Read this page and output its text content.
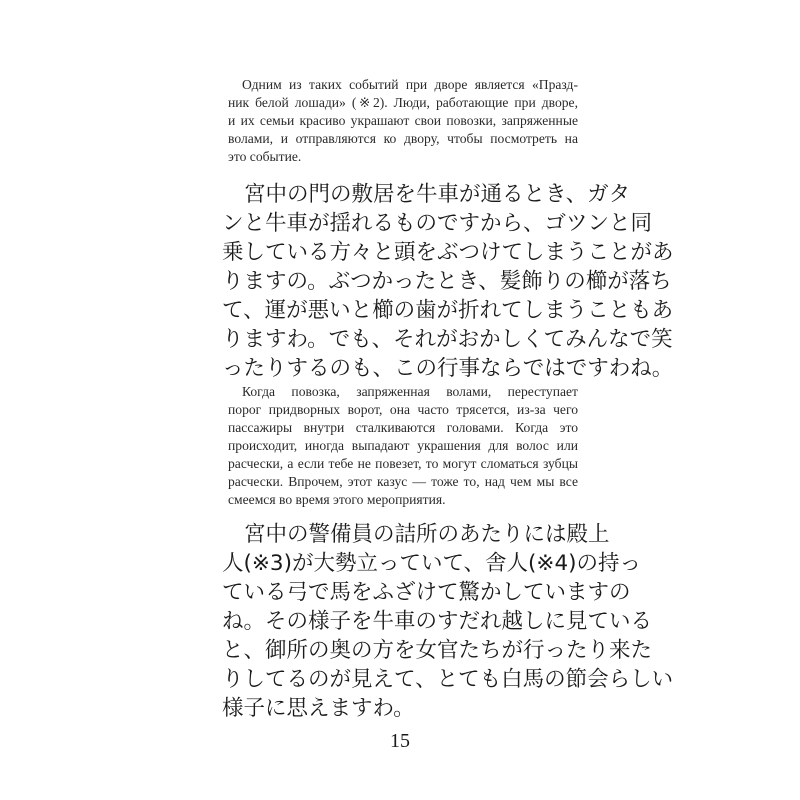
Одним из таких событий при дворе является «Празд-
ник белой лошади» (※2). Люди, работающие при дворе,
и их семьи красиво украшают свои повозки, запряженные
волами, и отправляются ко двору, чтобы посмотреть на
это событие.
宮中の門の敷居を牛車が通るとき、ガタ
ンと牛車が揺れるものですから、ゴツンと同
乗している方々と頭をぶつけてしまうことがあ
りますの。ぶつかったとき、髪飾りの櫛が落ち
て、運が悪いと櫛の歯が折れてしまうこともあ
りますわ。でも、それがおかしくてみんなで笑
ったりするのも、この行事ならではですわね。
Когда повозка, запряженная волами, переступает
порог придворных ворот, она часто трясется, из-за чего
пассажиры внутри сталкиваются головами. Когда это
происходит, иногда выпадают украшения для волос или
расчески, а если тебе не повезет, то могут сломаться зубцы
расчески. Впрочем, этот казус — тоже то, над чем мы все
смеемся во время этого мероприятия.
宮中の警備員の詰所のあたりには殿上
人(※3)が大勢立っていて、舎人(※4)の持っ
ている弓で馬をふざけて驚かしていますの
ね。その様子を牛車のすだれ越しに見ている
と、御所の奥の方を女官たちが行ったり来た
りしてるのが見えて、とても白馬の節会らしい
様子に思えますわ。
15
